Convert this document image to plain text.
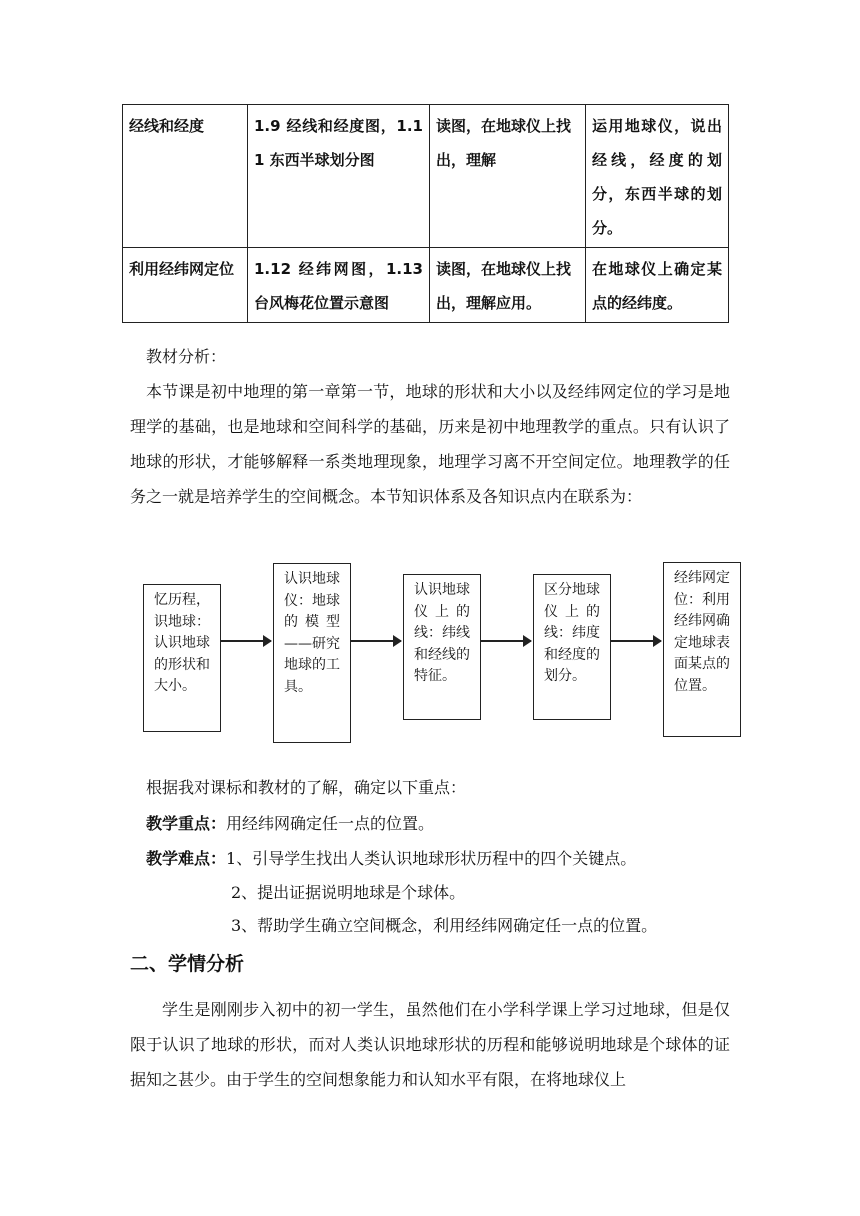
经线和经度	1.9 经线和经度图，1.11 东西半球划分图	读图，在地球仪上找出，理解	运用地球仪，说出经线，经度的划分，东西半球的划分。
利用经纬网定位	1.12 经纬网图，1.13 台风梅花位置示意图	读图，在地球仪上找出，理解应用。	在地球仪上确定某点的经纬度。
教材分析：
本节课是初中地理的第一章第一节，地球的形状和大小以及经纬网定位的学习是地理学的基础，也是地球和空间科学的基础，历来是初中地理教学的重点。只有认识了地球的形状，才能够解释一系类地理现象，地理学习离不开空间定位。地理教学的任务之一就是培养学生的空间概念。本节知识体系及各知识点内在联系为：
忆历程，识地球：认识地球的形状和大小。
认识地球仪：地球的模型——研究地球的工具。
认识地球仪上的线：纬线和经线的特征。
区分地球仪上的线：纬度和经度的划分。
经纬网定位：利用经纬网确定地球表面某点的位置。
根据我对课标和教材的了解，确定以下重点：
教学重点：用经纬网确定任一点的位置。
教学难点：1、引导学生找出人类认识地球形状历程中的四个关键点。
2、提出证据说明地球是个球体。
3、帮助学生确立空间概念，利用经纬网确定任一点的位置。
二、学情分析
学生是刚刚步入初中的初一学生，虽然他们在小学科学课上学习过地球，但是仅限于认识了地球的形状，而对人类认识地球形状的历程和能够说明地球是个球体的证据知之甚少。由于学生的空间想象能力和认知水平有限，在将地球仪上
